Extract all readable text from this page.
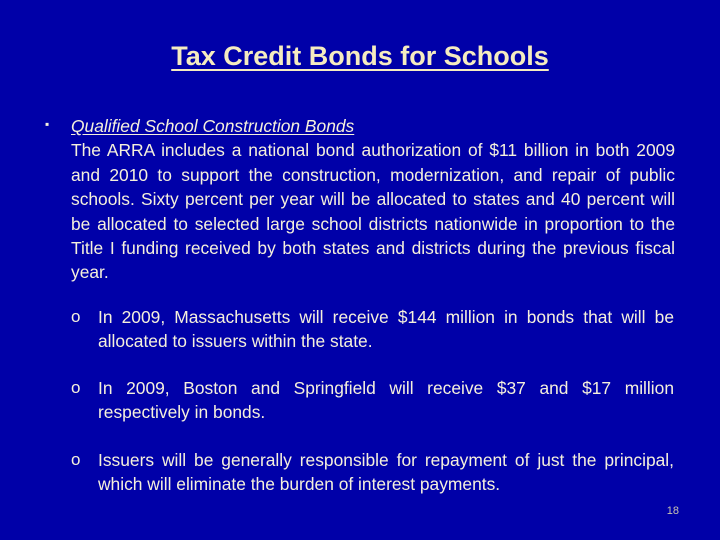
Tax Credit Bonds for Schools
▪ Qualified School Construction Bonds
The ARRA includes a national bond authorization of $11 billion in both 2009 and 2010 to support the construction, modernization, and repair of public schools. Sixty percent per year will be allocated to states and 40 percent will be allocated to selected large school districts nationwide in proportion to the Title I funding received by both states and districts during the previous fiscal year.
o In 2009, Massachusetts will receive $144 million in bonds that will be allocated to issuers within the state.
o In 2009, Boston and Springfield will receive $37 and $17 million respectively in bonds.
o Issuers will be generally responsible for repayment of just the principal, which will eliminate the burden of interest payments.
18
